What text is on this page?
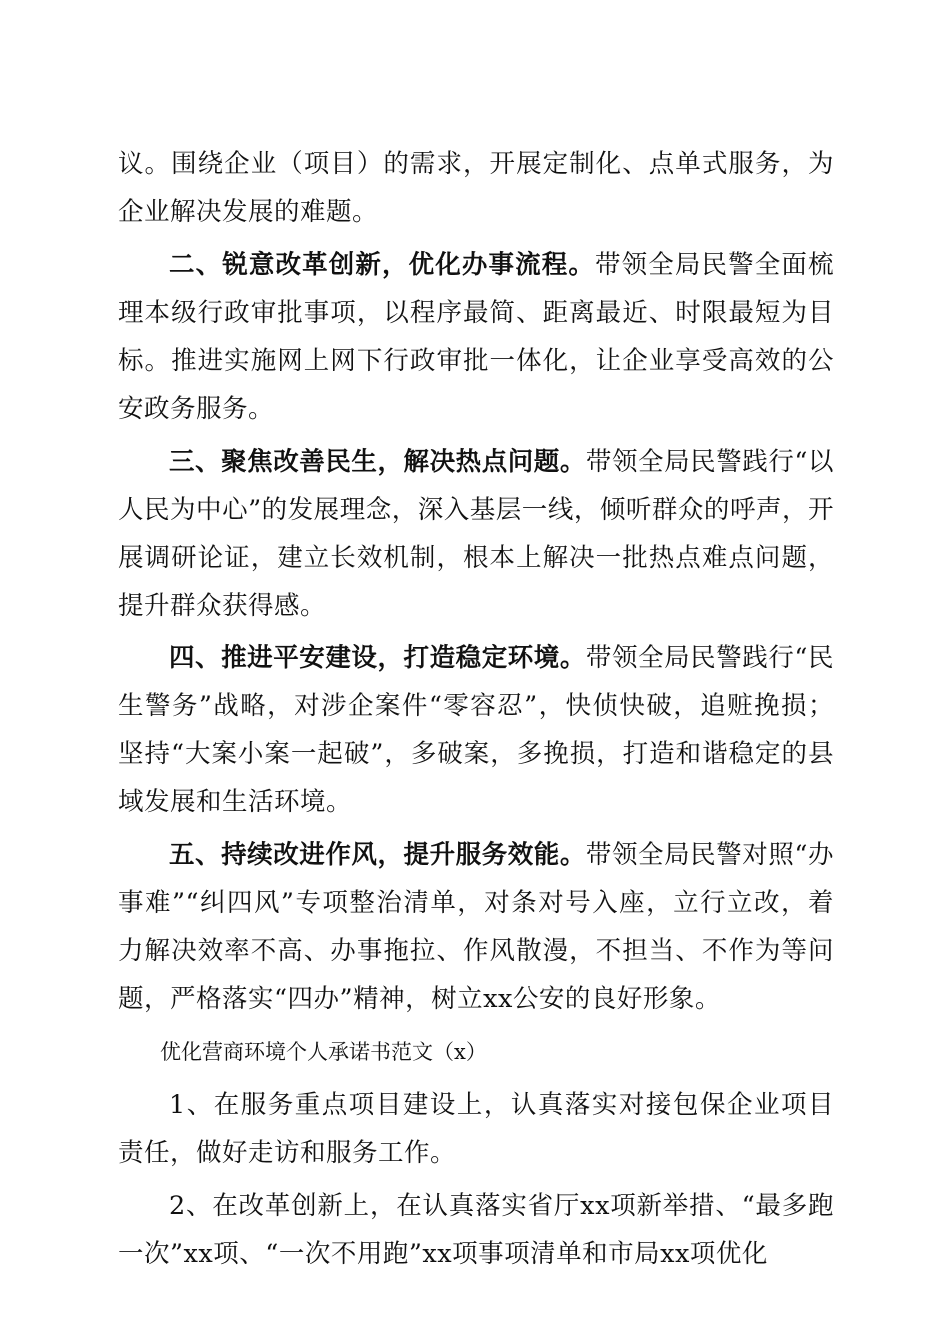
议。围绕企业（项目）的需求，开展定制化、点单式服务，为企业解决发展的难题。

二、锐意改革创新，优化办事流程。带领全局民警全面梳理本级行政审批事项，以程序最简、距离最近、时限最短为目标。推进实施网上网下行政审批一体化，让企业享受高效的公安政务服务。

三、聚焦改善民生，解决热点问题。带领全局民警践行“以人民为中心”的发展理念，深入基层一线，倾听群众的呼声，开展调研论证，建立长效机制，根本上解决一批热点难点问题，提升群众获得感。

四、推进平安建设，打造稳定环境。带领全局民警践行“民生警务”战略，对涉企案件“零容忍”，快侦快破，追赃挽损；坚持“大案小案一起破”，多破案，多挽损，打造和谐稳定的县域发展和生活环境。

五、持续改进作风，提升服务效能。带领全局民警对照“办事难”“纠四风”专项整治清单，对条对号入座，立行立改，着力解决效率不高、办事拖拉、作风散漫，不担当、不作为等问题，严格落实“四办”精神，树立xx公安的良好形象。

优化营商环境个人承诺书范文（x）

1、在服务重点项目建设上，认真落实对接包保企业项目责任，做好走访和服务工作。

2、在改革创新上，在认真落实省厅xx项新举措、“最多跑一次”xx项、“一次不用跑”xx项事项清单和市局xx项优化
